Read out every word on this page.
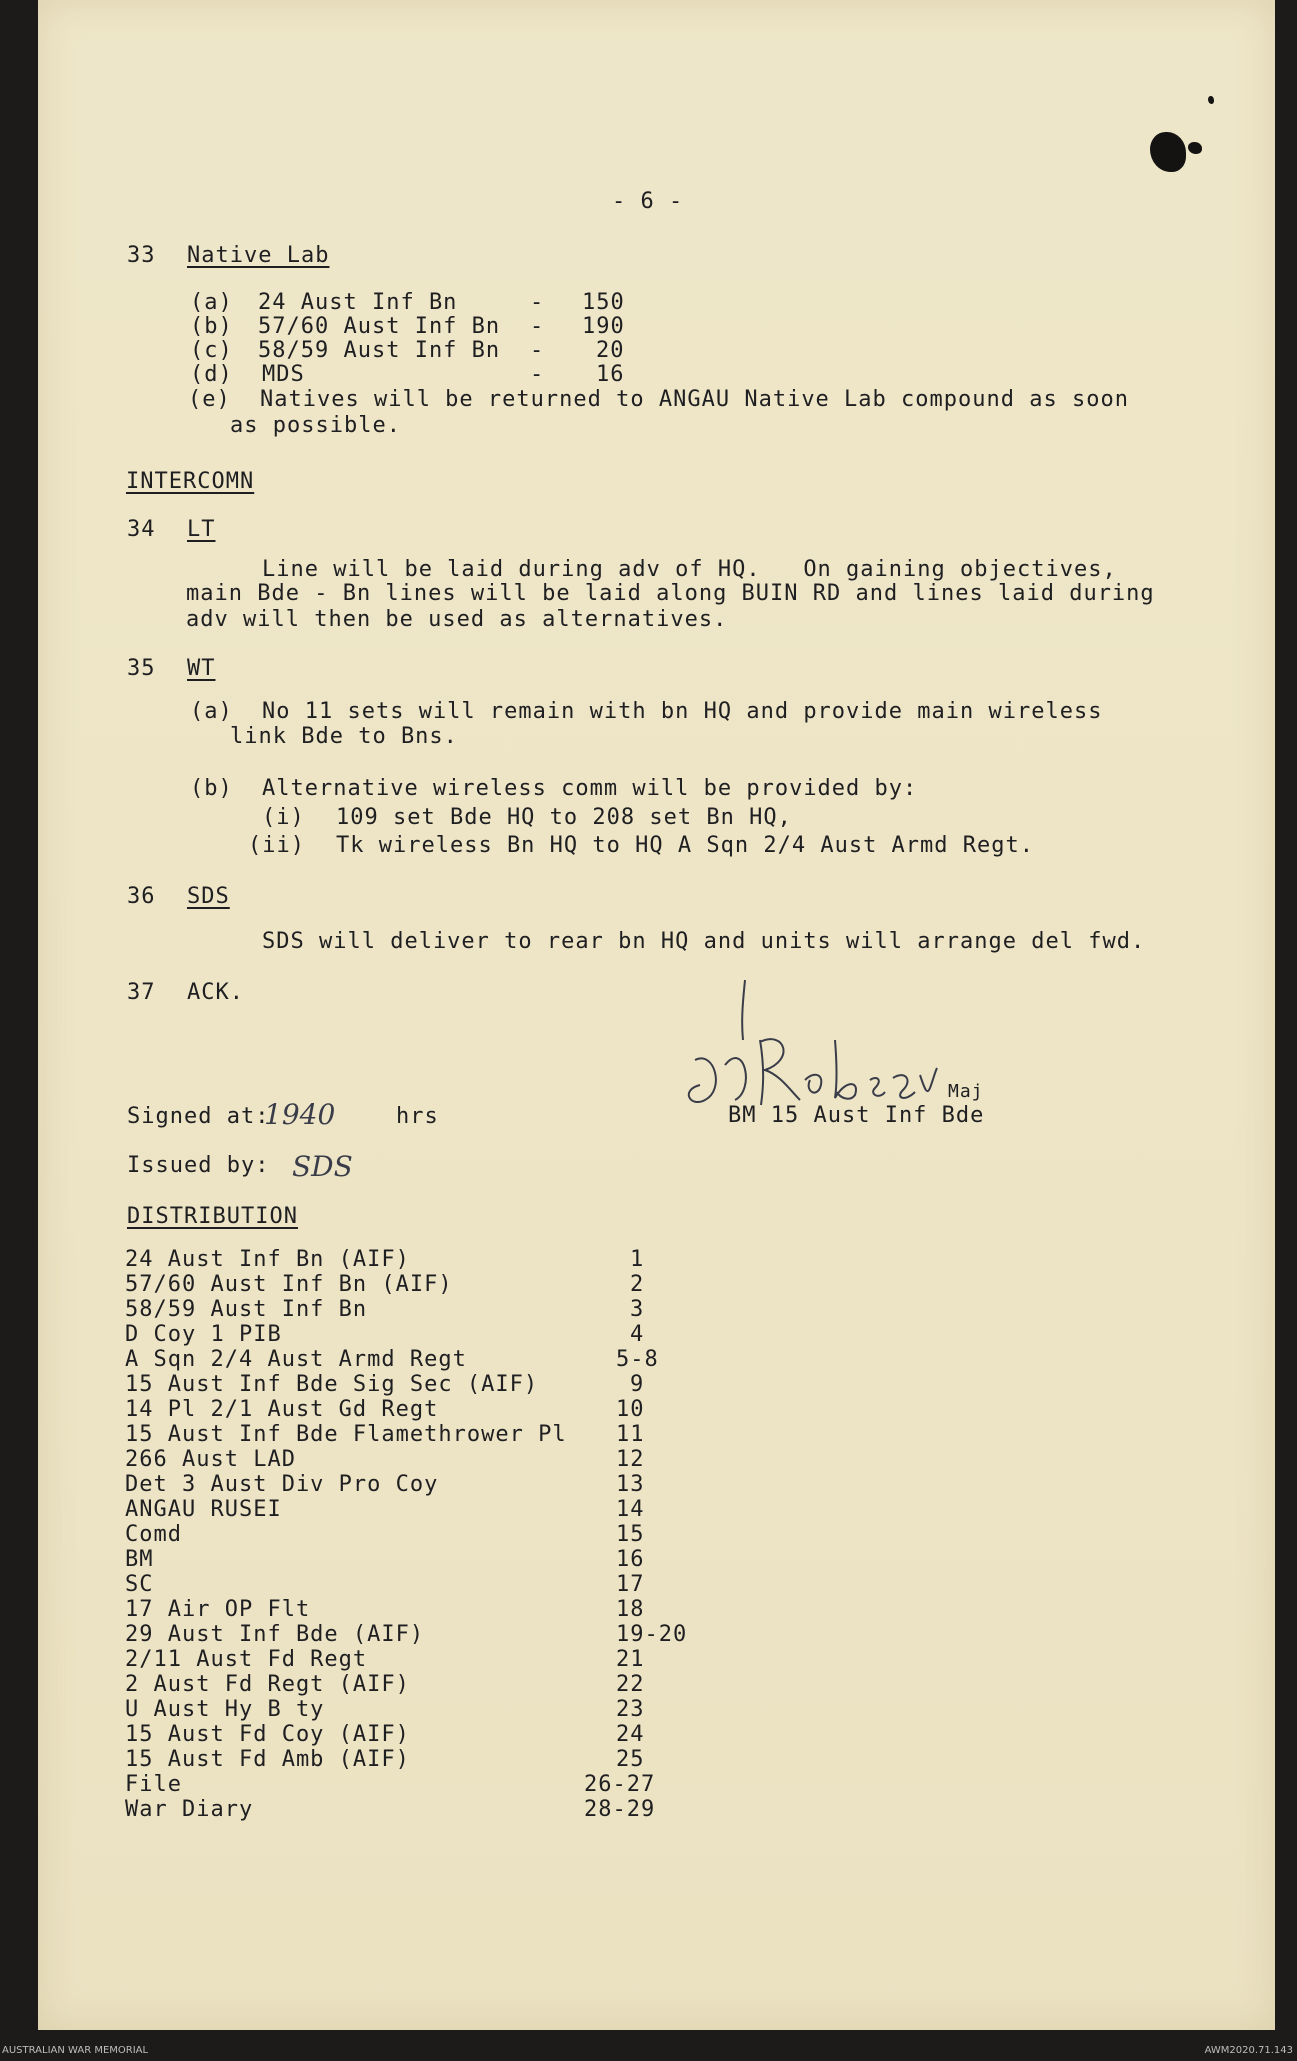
- 6 -
33 Native Lab
(a) 24 Aust Inf Bn	- 150
(b) 57/60 Aust Inf Bn - 190
(c) 58/59 Aust Inf Bn - 20
(d) MDS	- 16
(e) Natives will be returned to ANGAU Native Lab compound as soon
as possible.
INTERCOMN
34 LT
Line will be laid during adv of HQ.   On gaining objectives,
main Bde - Bn lines will be laid along BUIN RD and lines laid during
adv will then be used as alternatives.
35 WT
(a) No 11 sets will remain with bn HQ and provide main wireless
link Bde to Bns.
(b) Alternative wireless comm will be provided by:
(i) 109 set Bde HQ to 208 set Bn HQ,
(ii) Tk wireless Bn HQ to HQ A Sqn 2/4 Aust Armd Regt.
36 SDS
SDS will deliver to rear bn HQ and units will arrange del fwd.
37 ACK.
Maj
BM 15 Aust Inf Bde
Signed at:
1940	hrs
Issued by: SDS
DISTRIBUTION
24 Aust Inf Bn (AIF)	1
57/60 Aust Inf Bn (AIF)	2
58/59 Aust Inf Bn	3
D Coy 1 PIB	4
A Sqn 2/4 Aust Armd Regt	5-8
15 Aust Inf Bde Sig Sec (AIF)	9
14 Pl 2/1 Aust Gd Regt	10
15 Aust Inf Bde Flamethrower Pl 11
266 Aust LAD	12
Det 3 Aust Div Pro Coy	13
ANGAU RUSEI	14
Comd	15
BM	16
SC	17
17 Air OP Flt	18
29 Aust Inf Bde (AIF)	19-20
2/11 Aust Fd Regt	21
2 Aust Fd Regt (AIF)	22
U Aust Hy B ty	23
15 Aust Fd Coy (AIF)	24
15 Aust Fd Amb (AIF)	25
File	26-27
War Diary	28-29
AUSTRALIAN WAR MEMORIAL	AWM2020.71.143
